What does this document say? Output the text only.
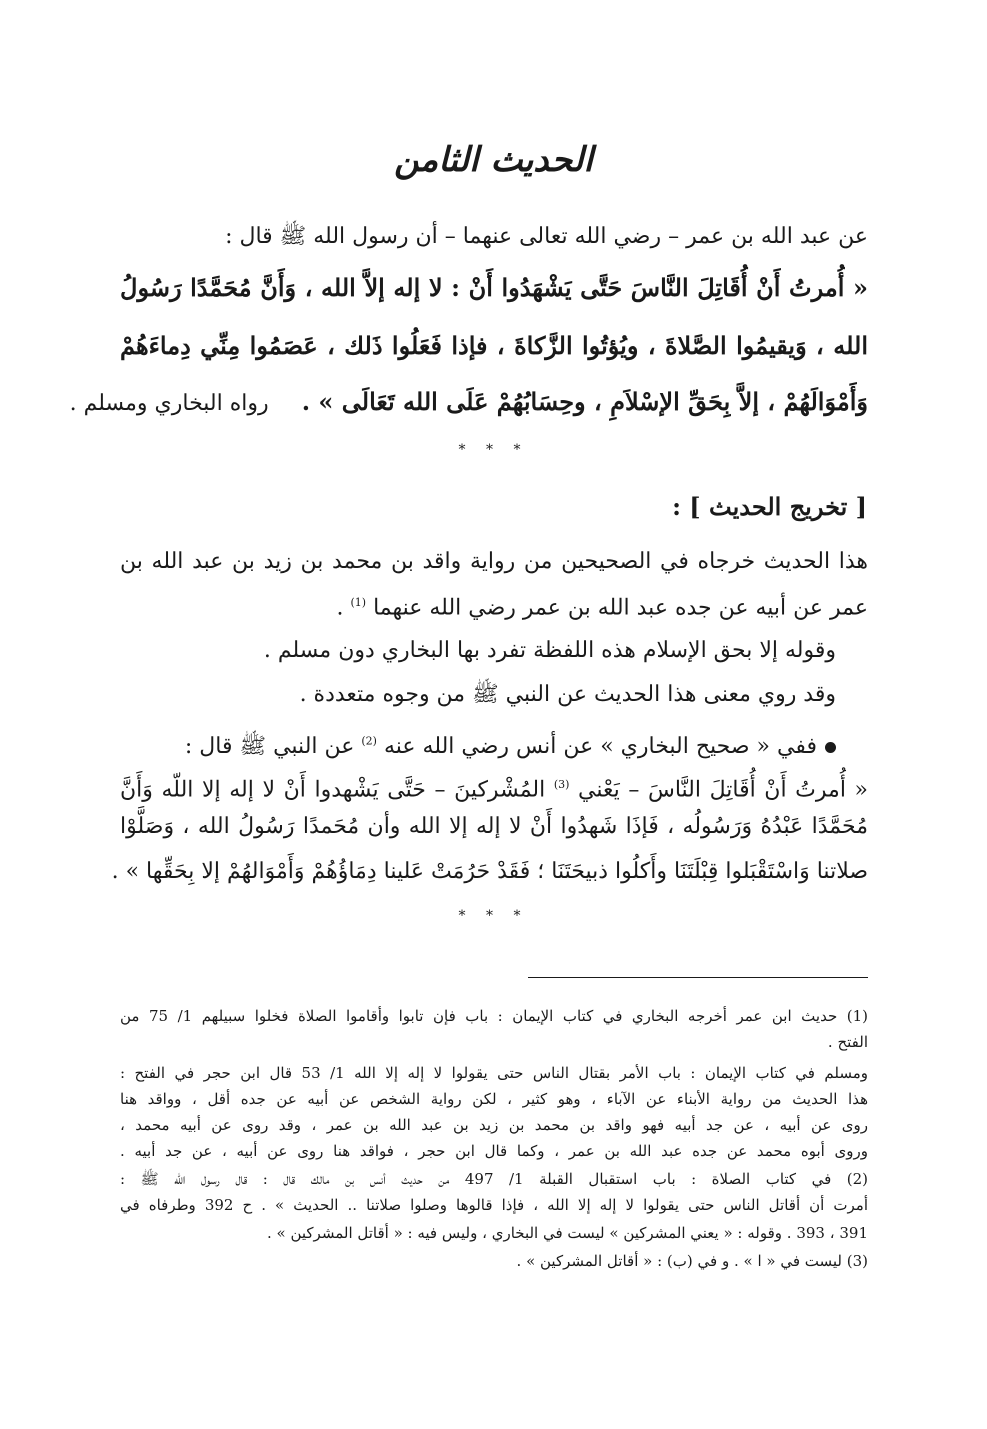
الحديث الثامن
عن عبد الله بن عمر – رضي الله تعالى عنهما – أن رسول الله ﷺ قال :
« أُمرتُ أَنْ أُقَاتِلَ النَّاسَ حَتَّى يَشْهَدُوا أَنْ : لا إله إلاَّ الله ، وَأَنَّ مُحَمَّدًا رَسُولُ
الله ، وَيقيمُوا الصَّلاةَ ، ويُؤتُوا الزَّكاةَ ، فإذا فَعَلُوا ذَلك ، عَصَمُوا مِنِّي دِماءَهُمْ
وَأَمْوَالَهُمْ ، إلاَّ بِحَقِّ الإسْلاَمِ ، وحِسَابُهُمْ عَلَى الله تَعَالَى » . رواه البخاري ومسلم .
* * *
[ تخريج الحديث ] :
هذا الحديث خرجاه في الصحيحين من رواية واقد بن محمد بن زيد بن عبد الله بن
عمر عن أبيه عن جده عبد الله بن عمر رضي الله عنهما $^{(1)}$ .
وقوله إلا بحق الإسلام هذه اللفظة تفرد بها البخاري دون مسلم .
وقد روي معنى هذا الحديث عن النبي ﷺ من وجوه متعددة .
ففي « صحيح البخاري » عن أنس رضي الله عنه $^{(2)}$ عن النبي ﷺ قال :
« أُمرتُ أَنْ أُقَاتِلَ النَّاسَ – يَعْني $^{(3)}$ المُشْركينَ – حَتَّى يَشْهدوا أَنْ لا إله إلا اللّه وَأَنَّ
مُحَمَّدًا عَبْدُهُ وَرَسُولُه ، فَإذَا شَهدُوا أَنْ لا إله إلا الله وأن مُحَمدًا رَسُولُ الله ، وَصَلَّوْا
صلاتنا وَاسْتَقْبَلوا قِبْلَتَنَا وأَكلُوا ذبيحَتَنَا ؛ فَقَدْ حَرُمَتْ عَلينا دِمَاؤُهُمْ وَأَمْوَالهُمْ إلا بِحَقِّها » .
* * *
(1) حديث ابن عمر أخرجه البخاري في كتاب الإيمان : باب فإن تابوا وأقاموا الصلاة فخلوا سبيلهم 1/ 75 من
الفتح .
ومسلم في كتاب الإيمان : باب الأمر بقتال الناس حتى يقولوا لا إله إلا الله 1/ 53 قال ابن حجر في الفتح :
هذا الحديث من رواية الأبناء عن الآباء ، وهو كثير ، لكن رواية الشخص عن أبيه عن جده أقل ، وواقد هنا
روى عن أبيه ، عن جد أبيه فهو واقد بن محمد بن زيد بن عبد الله بن عمر ، وقد روى عن أبيه محمد ،
وروى أبوه محمد عن جده عبد الله بن عمر ، وكما قال ابن حجر ، فواقد هنا روى عن أبيه ، عن جد أبيه .
(2) في كتاب الصلاة : باب استقبال القبلة 1/ 497 من حديث أنس بن مالك قال : قال رسول الله ﷺ :
أمرت أن أقاتل الناس حتى يقولوا لا إله إلا الله ، فإذا قالوها وصلوا صلاتنا .. الحديث » . ح 392 وطرفاه في
391 ، 393 . وقوله : « يعني المشركين » ليست في البخاري ، وليس فيه : « أقاتل المشركين » .
(3) ليست في « ا » . و في (ب) : « أقاتل المشركين » .
